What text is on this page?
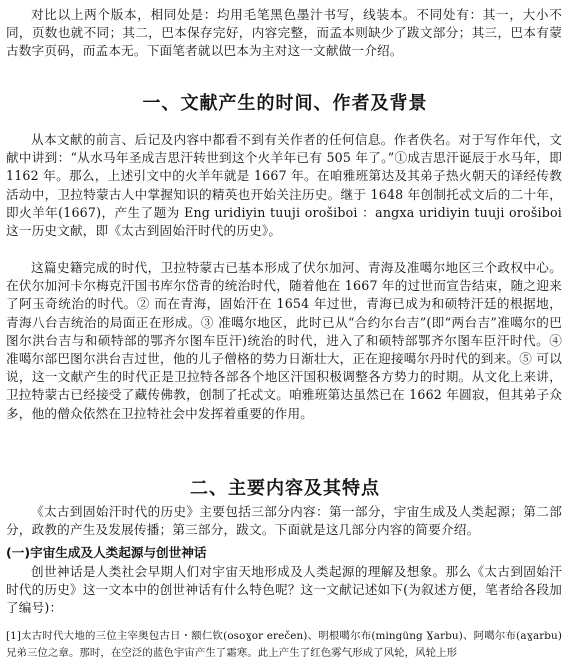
对比以上两个版本，相同处是：均用毛笔黑色墨汁书写，线装本。不同处有：其一，大小不同，页数也就不同；其二，巴本保存完好，内容完整，而孟本则缺少了跋文部分；其三，巴本有蒙古数字页码，而孟本无。下面笔者就以巴本为主对这一文献做一介绍。

一、文献产生的时间、作者及背景

从本文献的前言、后记及内容中都看不到有关作者的任何信息。作者佚名。对于写作年代，文献中讲到：“从水马年圣成吉思汗转世到这个火羊年已有 505 年了。”①成吉思汗诞辰于水马年，即 1162 年。那么，上述引文中的火羊年就是 1667 年。在咱雅班第达及其弟子热火朝天的译经传教活动中，卫拉特蒙古人中掌握知识的精英也开始关注历史。继于 1648 年创制托忒文后的二十年，即火羊年(1667)，产生了题为 Eng uridiyin tuuji orošiboi ：angxa uridiyin tuuji orošiboi 这一历史文献，即《太古到固始汗时代的历史》。

这篇史籍完成的时代，卫拉特蒙古已基本形成了伏尔加河、青海及准噶尔地区三个政权中心。在伏尔加河卡尔梅克汗国书库尔岱青的统治时代，随着他在 1667 年的过世而宣告结束，随之迎来了阿玉奇统治的时代。② 而在青海，固始汗在 1654 年过世，青海已成为和硕特汗廷的根据地，青海八台吉统治的局面正在形成。③ 准噶尔地区，此时已从“合约尔台吉”(即“两台吉”准噶尔的巴图尔洪台吉与和硕特部的鄂齐尔图车臣汗)统治的时代，进入了和硕特部鄂齐尔图车臣汗时代。④ 准噶尔部巴图尔洪台吉过世，他的儿子僧格的势力日渐壮大，正在迎接噶尔丹时代的到来。⑤ 可以说，这一文献产生的时代正是卫拉特各部各个地区汗国积极调整各方势力的时期。从文化上来讲，卫拉特蒙古已经接受了藏传佛教，创制了托忒文。咱雅班第达虽然已在 1662 年圆寂，但其弟子众多，他的僧众依然在卫拉特社会中发挥着重要的作用。

二、主要内容及其特点

《太古到固始汗时代的历史》主要包括三部分内容：第一部分，宇宙生成及人类起源；第二部分，政教的产生及发展传播；第三部分，跋文。下面就是这几部分内容的简要介绍。

(一)宇宙生成及人类起源与创世神话

创世神话是人类社会早期人们对宇宙天地形成及人类起源的理解及想象。那么《太古到固始汗时代的历史》这一文本中的创世神话有什么特色呢？这一文献记述如下(为叙述方便，笔者给各段加了编号)：

[1]太古时代大地的三位主宰奥包古日・额仁钦(osoɣor erečen)、明根噶尔布(mingüng Ɣarbu)、阿噶尔布(aɣarbu)兄弟三位之章。那时，在空泛的蓝色宇宙产生了霜寒。此上产生了红色雾气形成了风轮，风轮上形
